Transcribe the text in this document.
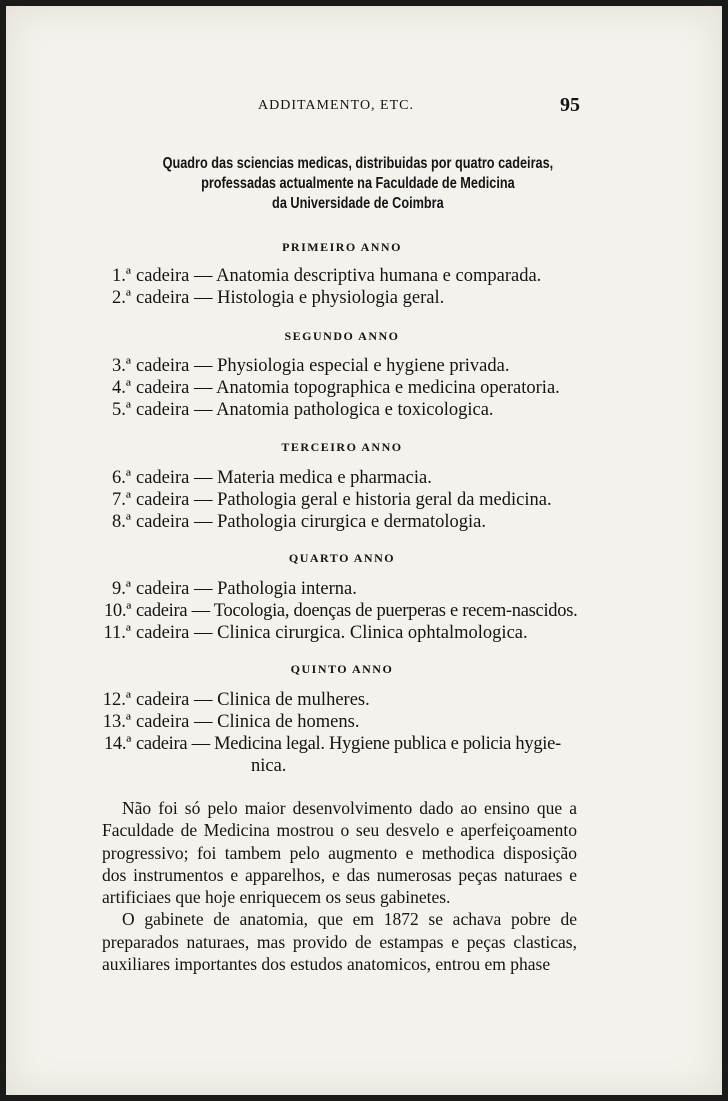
ADDITAMENTO, ETC.	95
Quadro das sciencias medicas, distribuidas por quatro cadeiras,
professadas actualmente na Faculdade de Medicina
da Universidade de Coimbra
PRIMEIRO ANNO
1.ª cadeira — Anatomia descriptiva humana e comparada.
2.ª cadeira — Histologia e physiologia geral.
SEGUNDO ANNO
3.ª cadeira — Physiologia especial e hygiene privada.
4.ª cadeira — Anatomia topographica e medicina operatoria.
5.ª cadeira — Anatomia pathologica e toxicologica.
TERCEIRO ANNO
6.ª cadeira — Materia medica e pharmacia.
7.ª cadeira — Pathologia geral e historia geral da medicina.
8.ª cadeira — Pathologia cirurgica e dermatologia.
QUARTO ANNO
9.ª cadeira — Pathologia interna.
10.ª cadeira — Tocologia, doenças de puerperas e recem-nascidos.
11.ª cadeira — Clinica cirurgica. Clinica ophtalmologica.
QUINTO ANNO
12.ª cadeira — Clinica de mulheres.
13.ª cadeira — Clinica de homens.
14.ª cadeira — Medicina legal. Hygiene publica e policia hygie-
nica.

Não foi só pelo maior desenvolvimento dado ao ensino que a Faculdade de Medicina mostrou o seu desvelo e aperfeiçoamento progressivo; foi tambem pelo augmento e methodica disposição dos instrumentos e apparelhos, e das numerosas peças naturaes e artificiaes que hoje enriquecem os seus gabinetes.

O gabinete de anatomia, que em 1872 se achava pobre de preparados naturaes, mas provido de estampas e peças clasticas, auxiliares importantes dos estudos anatomicos, entrou em phase
